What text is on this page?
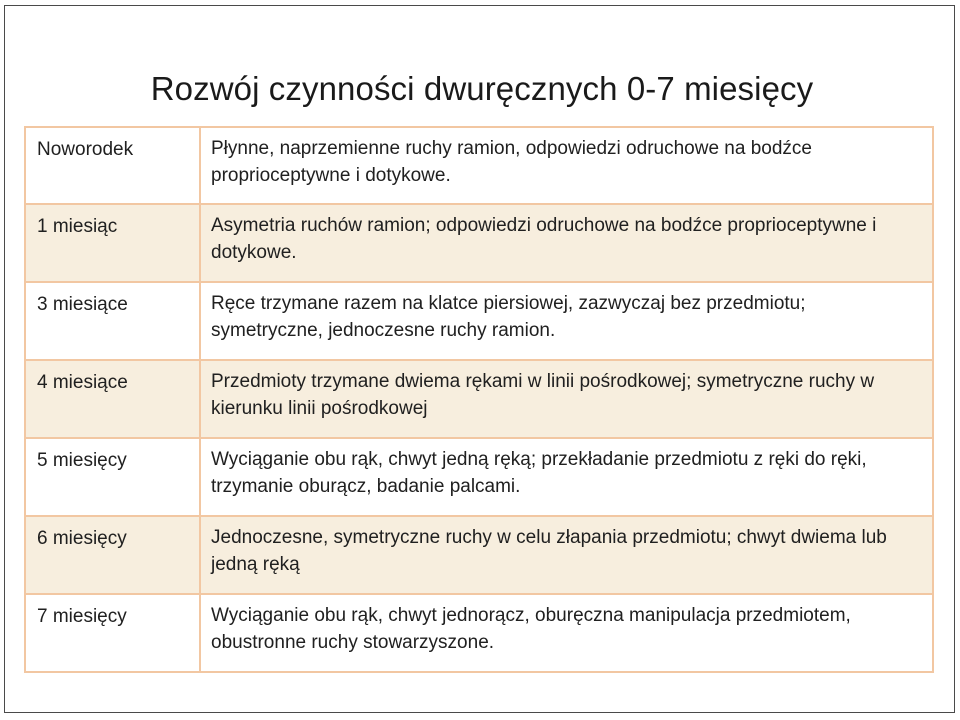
Rozwój czynności dwuręcznych 0-7 miesięcy
Noworodek	Płynne, naprzemienne ruchy ramion, odpowiedzi odruchowe na bodźce proprioceptywne i dotykowe.
1 miesiąc	Asymetria ruchów ramion; odpowiedzi odruchowe na bodźce proprioceptywne i dotykowe.
3 miesiące	Ręce trzymane razem na klatce piersiowej, zazwyczaj bez przedmiotu; symetryczne, jednoczesne ruchy ramion.
4 miesiące	Przedmioty trzymane dwiema rękami w linii pośrodkowej; symetryczne ruchy w kierunku linii pośrodkowej
5 miesięcy	Wyciąganie obu rąk, chwyt jedną ręką; przekładanie przedmiotu z ręki do ręki, trzymanie oburącz, badanie palcami.
6 miesięcy	Jednoczesne, symetryczne ruchy w celu złapania przedmiotu; chwyt dwiema lub jedną ręką
7 miesięcy	Wyciąganie obu rąk, chwyt jednorącz, oburęczna manipulacja przedmiotem, obustronne ruchy stowarzyszone.
